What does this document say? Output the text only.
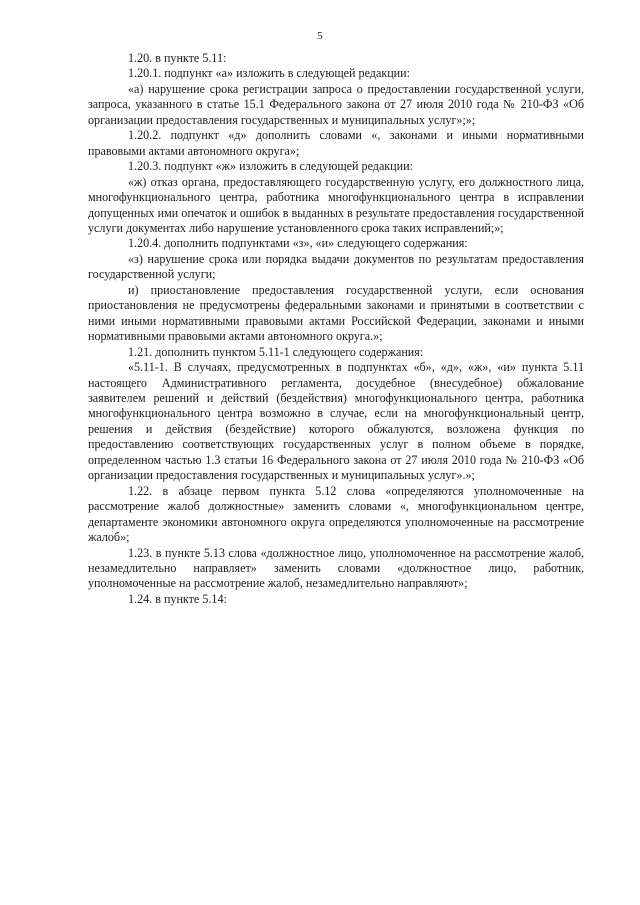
5

1.20. в пункте 5.11:

1.20.1. подпункт «а» изложить в следующей редакции:

«а) нарушение срока регистрации запроса о предоставлении государственной услуги, запроса, указанного в статье 15.1 Федерального закона от 27 июля 2010 года № 210-ФЗ «Об организации предоставления государственных и муниципальных услуг»;»;

1.20.2. подпункт «д» дополнить словами «, законами и иными нормативными правовыми актами автономного округа»;

1.20.3. подпункт «ж» изложить в следующей редакции:

«ж) отказ органа, предоставляющего государственную услугу, его должностного лица, многофункционального центра, работника многофункционального центра в исправлении допущенных ими опечаток и ошибок в выданных в результате предоставления государственной услуги документах либо нарушение установленного срока таких исправлений;»;

1.20.4. дополнить подпунктами «з», «и» следующего содержания:

«з) нарушение срока или порядка выдачи документов по результатам предоставления государственной услуги;

и) приостановление предоставления государственной услуги, если основания приостановления не предусмотрены федеральными законами и принятыми в соответствии с ними иными нормативными правовыми актами Российской Федерации, законами и иными нормативными правовыми актами автономного округа.»;

1.21. дополнить пунктом 5.11-1 следующего содержания:

«5.11-1. В случаях, предусмотренных в подпунктах «б», «д», «ж», «и» пункта 5.11 настоящего Административного регламента, досудебное (внесудебное) обжалование заявителем решений и действий (бездействия) многофункционального центра, работника многофункционального центра возможно в случае, если на многофункциональный центр, решения и действия (бездействие) которого обжалуются, возложена функция по предоставлению соответствующих государственных услуг в полном объеме в порядке, определенном частью 1.3 статьи 16 Федерального закона от 27 июля 2010 года № 210-ФЗ «Об организации предоставления государственных и муниципальных услуг».»;

1.22. в абзаце первом пункта 5.12 слова «определяются уполномоченные на рассмотрение жалоб должностные» заменить словами «, многофункциональном центре, департаменте экономики автономного округа определяются уполномоченные на рассмотрение жалоб»;

1.23. в пункте 5.13 слова «должностное лицо, уполномоченное на рассмотрение жалоб, незамедлительно направляет» заменить словами «должностное лицо, работник, уполномоченные на рассмотрение жалоб, незамедлительно направляют»;

1.24. в пункте 5.14:
